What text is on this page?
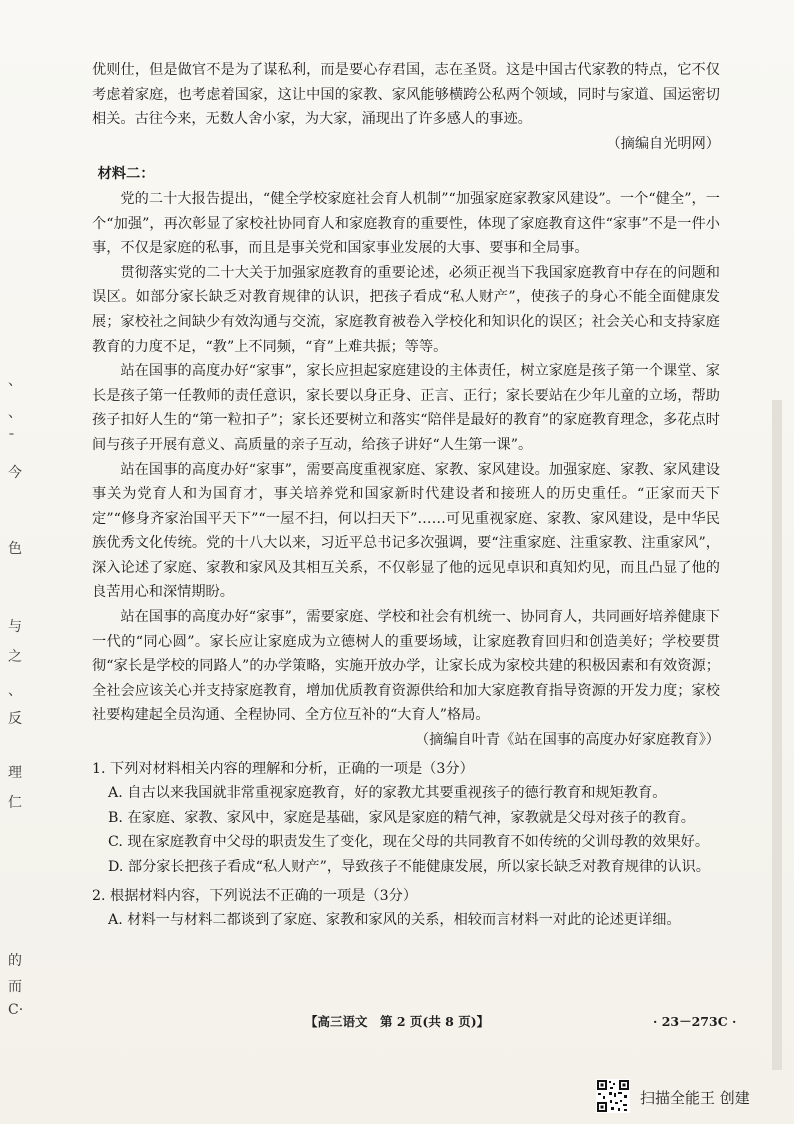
优则仕，但是做官不是为了谋私利，而是要心存君国，志在圣贤。这是中国古代家教的特点，它不仅考虑着家庭，也考虑着国家，这让中国的家教、家风能够横跨公私两个领域，同时与家道、国运密切相关。古往今来，无数人舍小家，为大家，涌现出了许多感人的事迹。

（摘编自光明网）

材料二：

党的二十大报告提出，“健全学校家庭社会育人机制”“加强家庭家教家风建设”。一个“健全”，一个“加强”，再次彰显了家校社协同育人和家庭教育的重要性，体现了家庭教育这件“家事”不是一件小事，不仅是家庭的私事，而且是事关党和国家事业发展的大事、要事和全局事。

贯彻落实党的二十大关于加强家庭教育的重要论述，必须正视当下我国家庭教育中存在的问题和误区。如部分家长缺乏对教育规律的认识，把孩子看成“私人财产”，使孩子的身心不能全面健康发展；家校社之间缺少有效沟通与交流，家庭教育被卷入学校化和知识化的误区；社会关心和支持家庭教育的力度不足，“教”上不同频，“育”上难共振；等等。

站在国事的高度办好“家事”，家长应担起家庭建设的主体责任，树立家庭是孩子第一个课堂、家长是孩子第一任教师的责任意识，家长要以身正身、正言、正行；家长要站在少年儿童的立场，帮助孩子扣好人生的“第一粒扣子”；家长还要树立和落实“陪伴是最好的教育”的家庭教育理念，多花点时间与孩子开展有意义、高质量的亲子互动，给孩子讲好“人生第一课”。

站在国事的高度办好“家事”，需要高度重视家庭、家教、家风建设。加强家庭、家教、家风建设事关为党育人和为国育才，事关培养党和国家新时代建设者和接班人的历史重任。“正家而天下定”“修身齐家治国平天下”“一屋不扫，何以扫天下”……可见重视家庭、家教、家风建设，是中华民族优秀文化传统。党的十八大以来，习近平总书记多次强调，要“注重家庭、注重家教、注重家风”，深入论述了家庭、家教和家风及其相互关系，不仅彰显了他的远见卓识和真知灼见，而且凸显了他的良苦用心和深情期盼。

站在国事的高度办好“家事”，需要家庭、学校和社会有机统一、协同育人，共同画好培养健康下一代的“同心圆”。家长应让家庭成为立德树人的重要场域，让家庭教育回归和创造美好；学校要贯彻“家长是学校的同路人”的办学策略，实施开放办学，让家长成为家校共建的积极因素和有效资源；全社会应该关心并支持家庭教育，增加优质教育资源供给和加大家庭教育指导资源的开发力度；家校社要构建起全员沟通、全程协同、全方位互补的“大育人”格局。

（摘编自叶青《站在国事的高度办好家庭教育》）

1. 下列对材料相关内容的理解和分析，正确的一项是（3分）

A. 自古以来我国就非常重视家庭教育，好的家教尤其要重视孩子的德行教育和规矩教育。

B. 在家庭、家教、家风中，家庭是基础，家风是家庭的精气神，家教就是父母对孩子的教育。

C. 现在家庭教育中父母的职责发生了变化，现在父母的共同教育不如传统的父训母教的效果好。

D. 部分家长把孩子看成“私人财产”，导致孩子不能健康发展，所以家长缺乏对教育规律的认识。

2. 根据材料内容，下列说法不正确的一项是（3分）

A. 材料一与材料二都谈到了家庭、家教和家风的关系，相较而言材料一对此的论述更详细。

【高三语文　第 2 页(共 8 页)】	· 23－273C ·
、
、
ˉ
今
色
与
之
、
反
理
仁
的
而
C·
扫描全能王 创建
